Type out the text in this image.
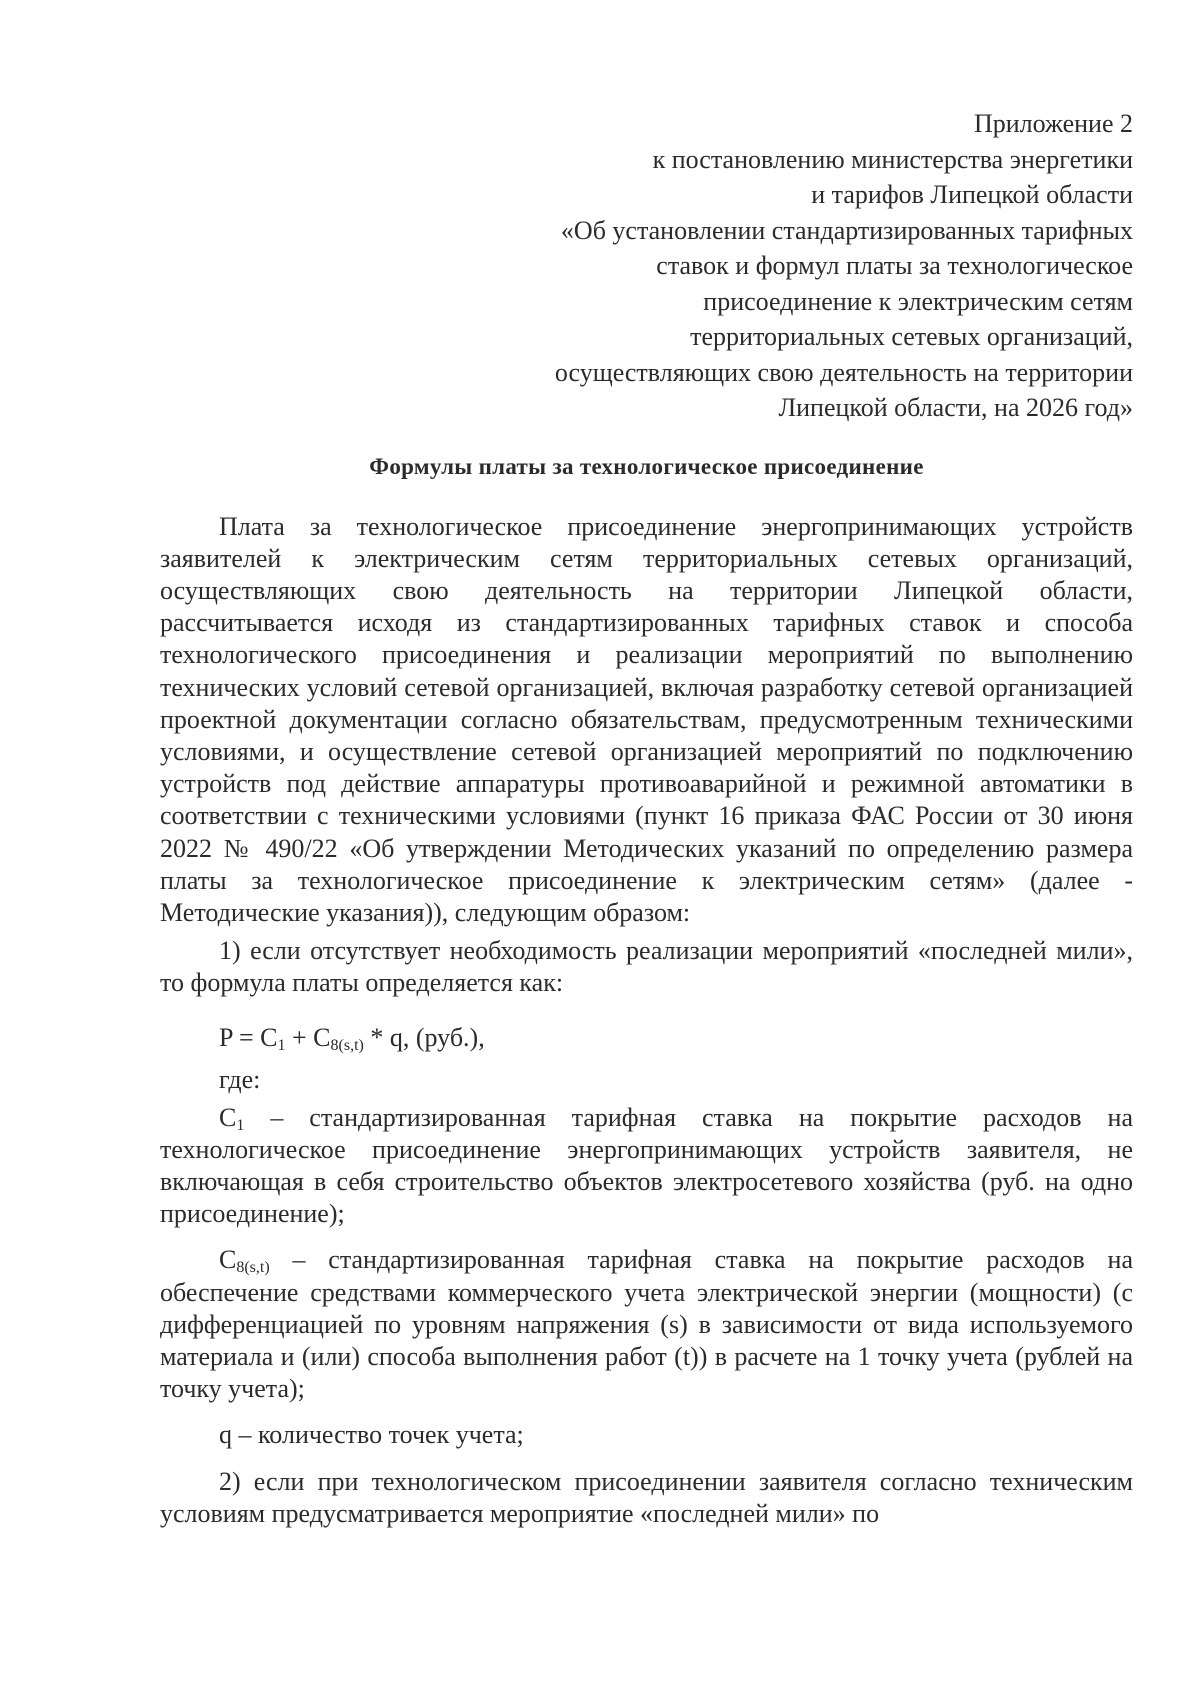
Приложение 2
к постановлению министерства энергетики
и тарифов Липецкой области
«Об установлении стандартизированных тарифных
ставок и формул платы за технологическое
присоединение к электрическим сетям
территориальных сетевых организаций,
осуществляющих свою деятельность на территории
Липецкой области, на 2026 год»
Формулы платы за технологическое присоединение

Плата за технологическое присоединение энергопринимающих устройств заявителей к электрическим сетям территориальных сетевых организаций, осуществляющих свою деятельность на территории Липецкой области, рассчитывается исходя из стандартизированных тарифных ставок и способа технологического присоединения и реализации мероприятий по выполнению технических условий сетевой организацией, включая разработку сетевой организацией проектной документации согласно обязательствам, предусмотренным техническими условиями, и осуществление сетевой организацией мероприятий по подключению устройств под действие аппаратуры противоаварийной и режимной автоматики в соответствии с техническими условиями (пункт 16 приказа ФАС России от 30 июня 2022 № 490/22 «Об утверждении Методических указаний по определению размера платы за технологическое присоединение к электрическим сетям» (далее - Методические указания)), следующим образом:

1) если отсутствует необходимость реализации мероприятий «последней мили», то формула платы определяется как:

$P = C_1 + C_{8(s,t)} * q$, (руб.),
где:

$C_1$ – стандартизированная тарифная ставка на покрытие расходов на технологическое присоединение энергопринимающих устройств заявителя, не включающая в себя строительство объектов электросетевого хозяйства (руб. на одно присоединение);

$C_{8(s,t)}$ – стандартизированная тарифная ставка на покрытие расходов на обеспечение средствами коммерческого учета электрической энергии (мощности) (с дифференциацией по уровням напряжения (s) в зависимости от вида используемого материала и (или) способа выполнения работ (t)) в расчете на 1 точку учета (рублей на точку учета);

q – количество точек учета;

2) если при технологическом присоединении заявителя согласно техническим условиям предусматривается мероприятие «последней мили» по
